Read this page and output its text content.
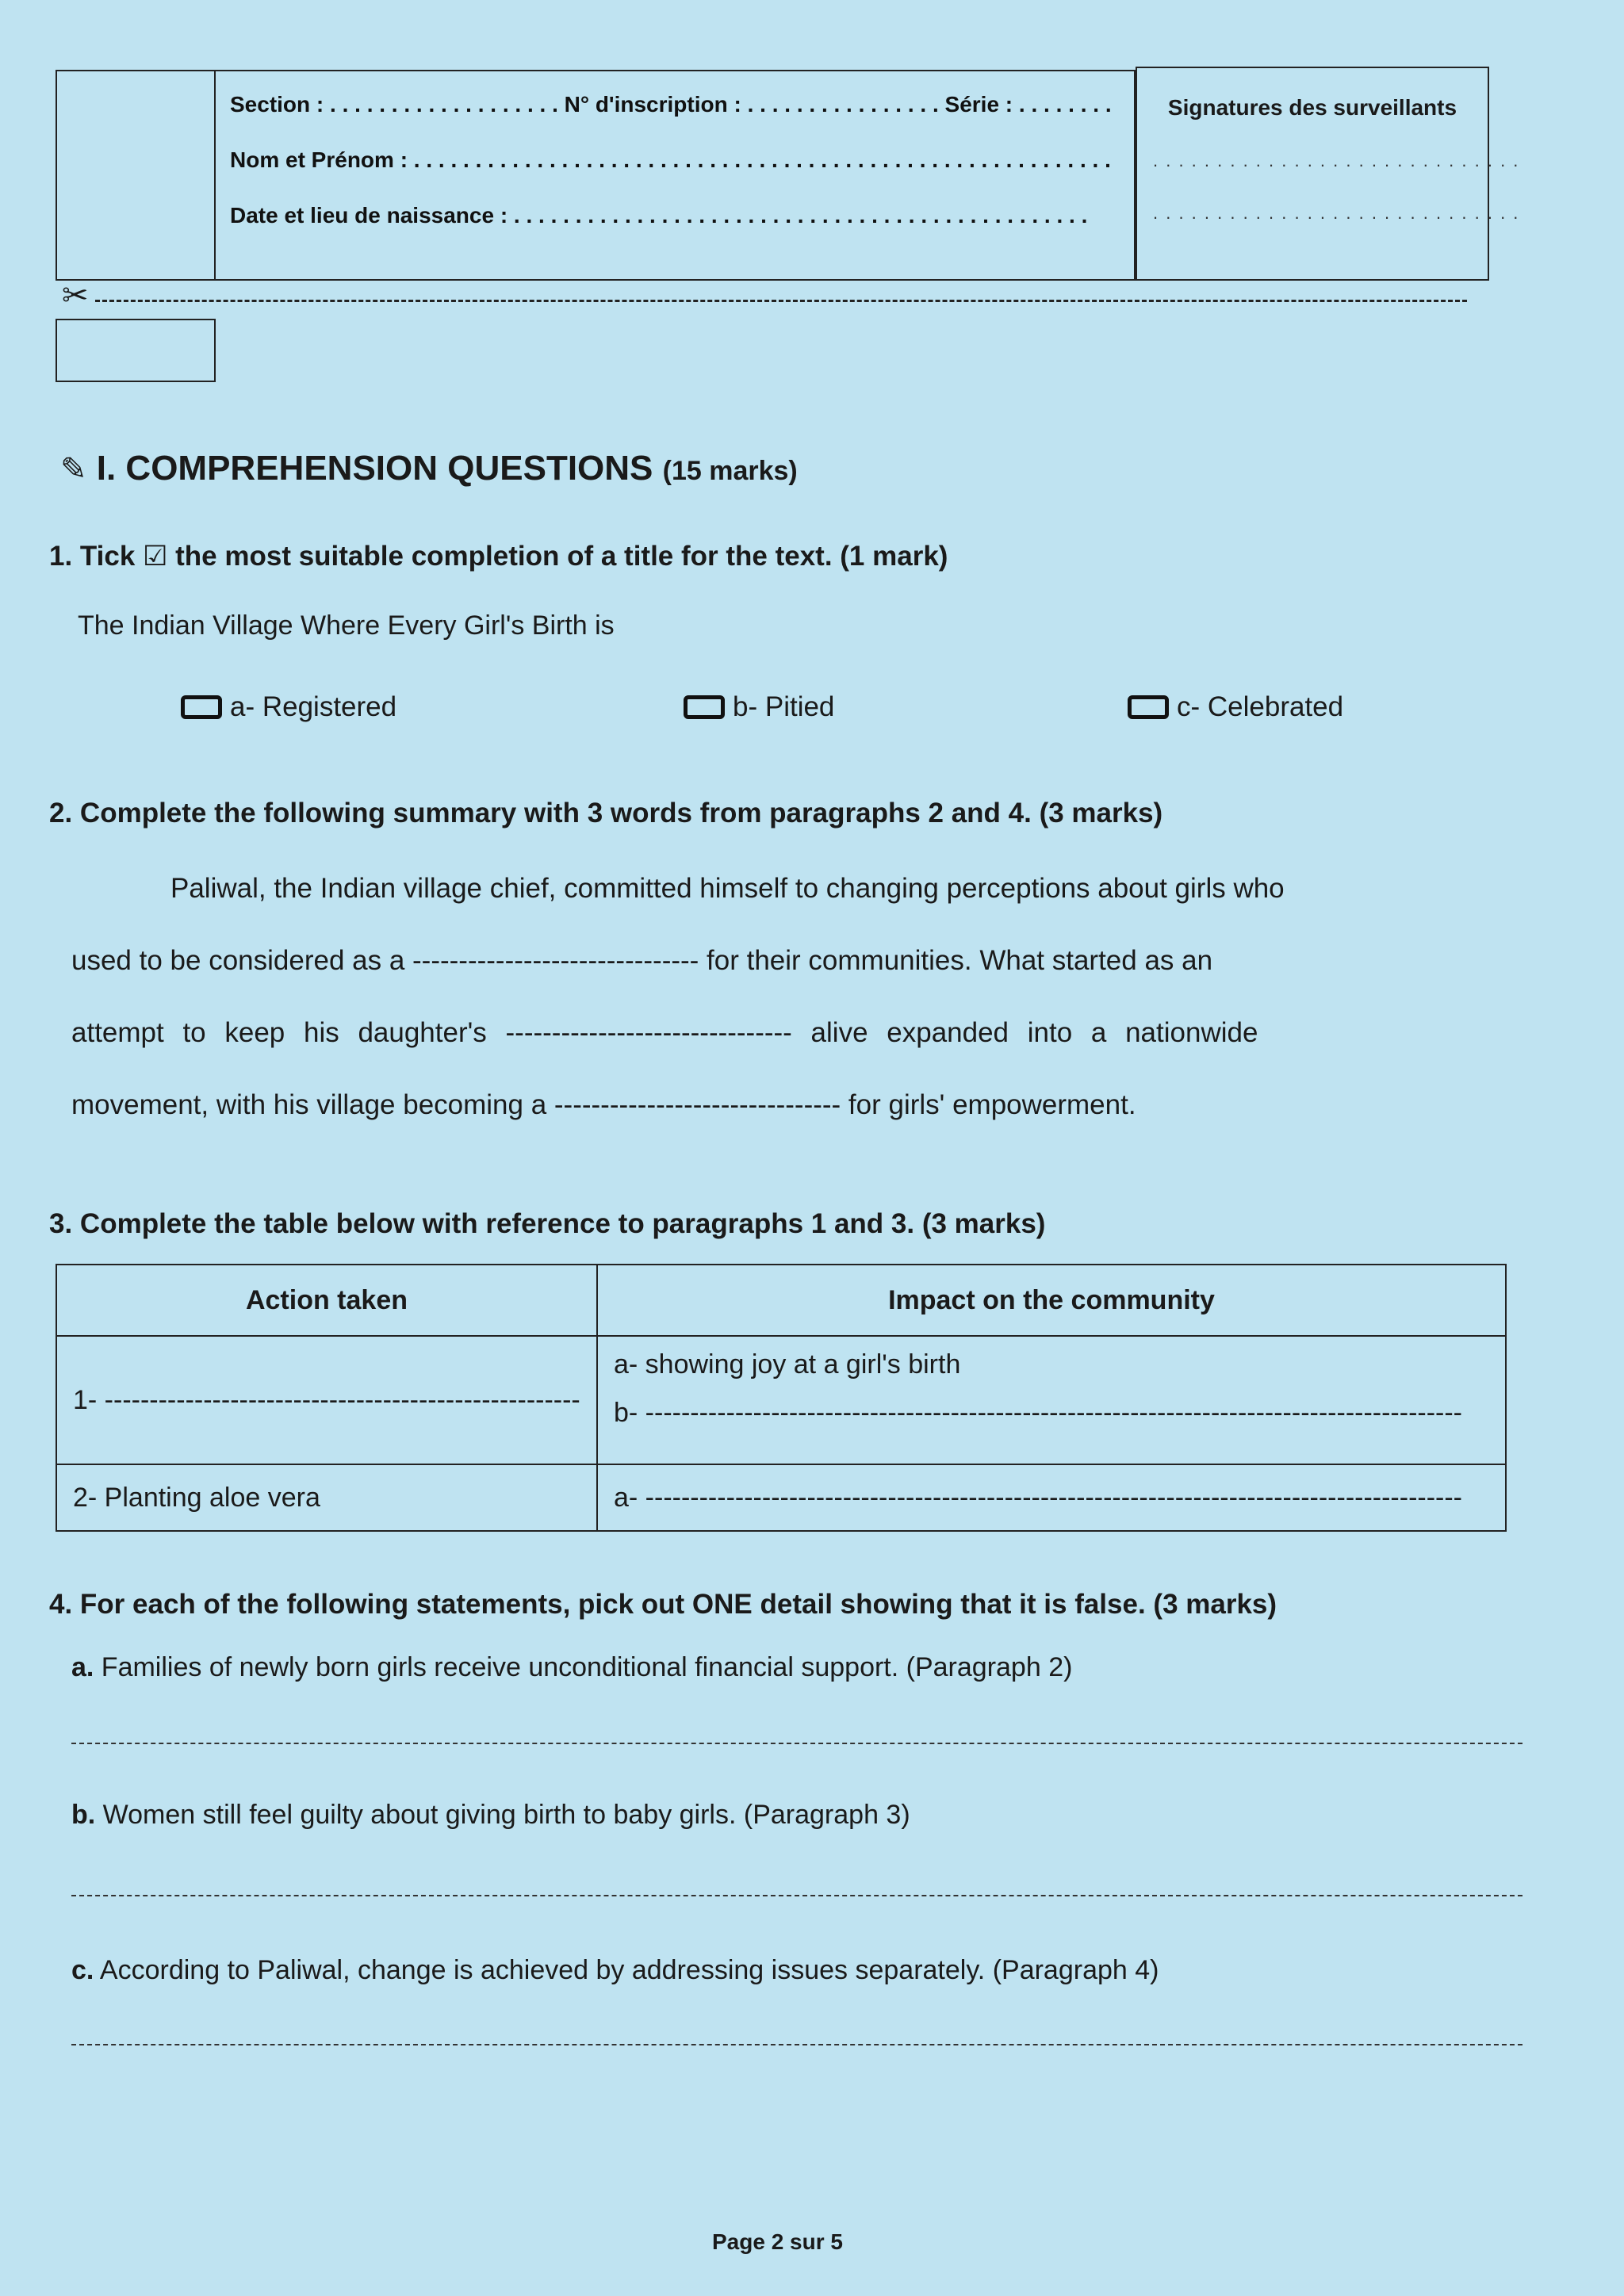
Section : . . . . . . . . . . . . . . . . . . . N° d'inscription : . . . . . . . . . . . . . . . . Série : . . . . . . . .
Nom et Prénom : . . . . . . . . . . . . . . . . . . . . . . . . . . . . . . . . . . . . . . . . . . . . . . . . . . . . . . . . .
Date et lieu de naissance : . . . . . . . . . . . . . . . . . . . . . . . . . . . . . . . . . . . . . . . . . . . . . . .
Signatures des surveillants
. . . . . . . . . . . . . . . . . . . . . . . . . . . . .
. . . . . . . . . . . . . . . . . . . . . . . . . . . . .
✂
✎ I. COMPREHENSION QUESTIONS (15 marks)
1. Tick ☑ the most suitable completion of a title for the text. (1 mark)
The Indian Village Where Every Girl's Birth is
a- Registered	b- Pitied	c- Celebrated
2. Complete the following summary with 3 words from paragraphs 2 and 4. (3 marks)
Paliwal, the Indian village chief, committed himself to changing perceptions about girls who
used to be considered as a ------------------------------- for their communities. What started as an
attempt to keep his daughter's ------------------------------- alive expanded into a nationwide
movement, with his village becoming a ------------------------------- for girls' empowerment.
3. Complete the table below with reference to paragraphs 1 and 3. (3 marks)
Action taken	Impact on the community

1- -----------------------------------------------------	a- showing joy at a girl's birth
b- -------------------------------------------------------------------------------------------

2- Planting aloe vera	a- -------------------------------------------------------------------------------------------
4. For each of the following statements, pick out ONE detail showing that it is false. (3 marks)
a. Families of newly born girls receive unconditional financial support. (Paragraph 2)
b. Women still feel guilty about giving birth to baby girls. (Paragraph 3)
c. According to Paliwal, change is achieved by addressing issues separately. (Paragraph 4)
Page 2 sur 5
